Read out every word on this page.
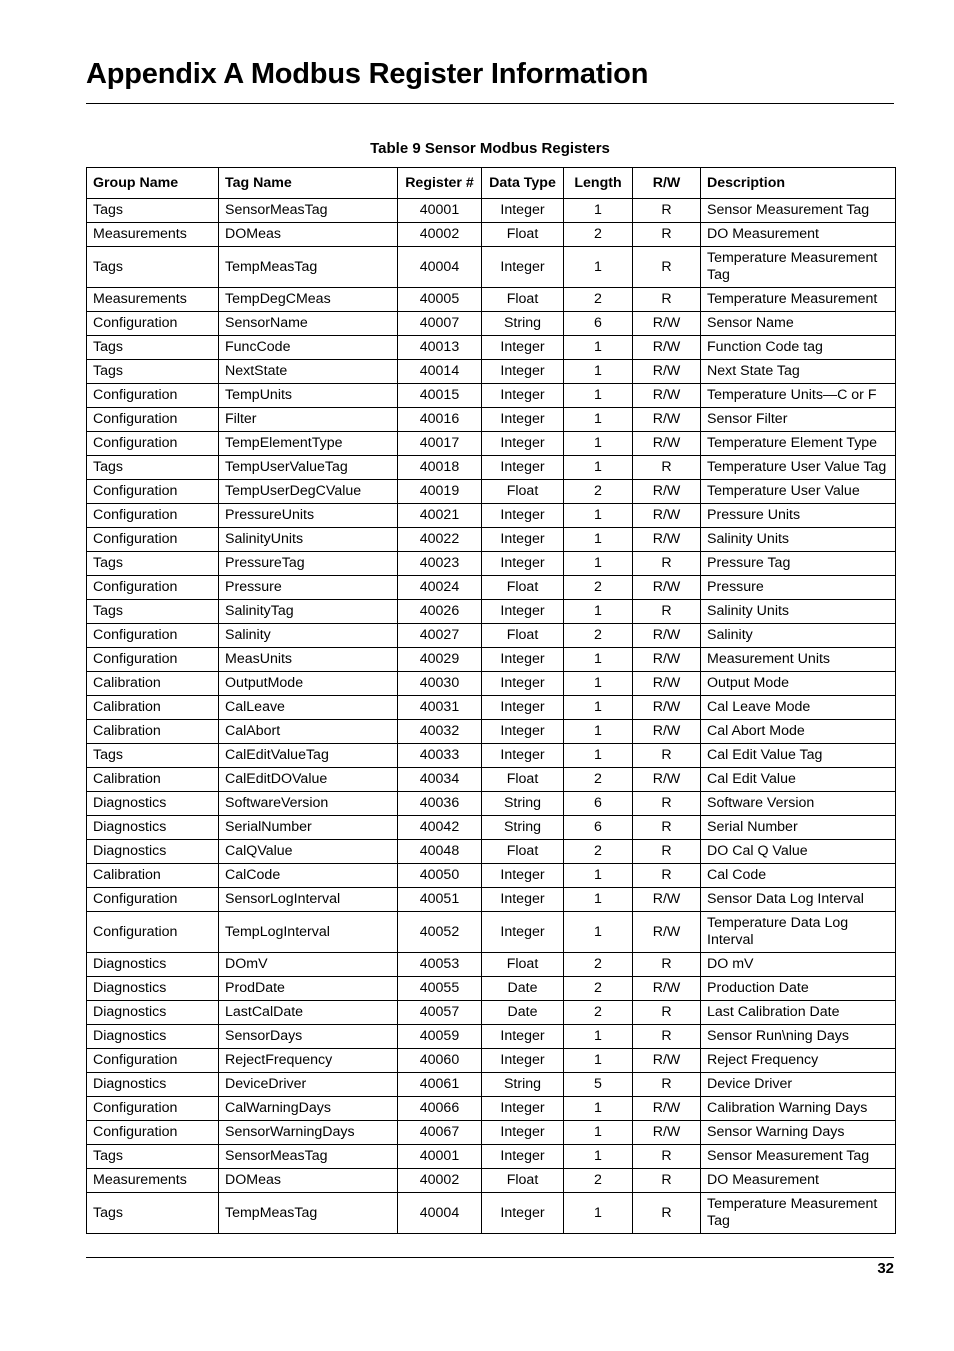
Appendix A Modbus Register Information
Table 9 Sensor Modbus Registers
Group Name	Tag Name	Register #	Data Type	Length	R/W	Description
Tags	SensorMeasTag	40001	Integer	1	R	Sensor Measurement Tag
Measurements	DOMeas	40002	Float	2	R	DO Measurement
Tags	TempMeasTag	40004	Integer	1	R	Temperature Measurement Tag
Measurements	TempDegCMeas	40005	Float	2	R	Temperature Measurement
Configuration	SensorName	40007	String	6	R/W	Sensor Name
Tags	FuncCode	40013	Integer	1	R/W	Function Code tag
Tags	NextState	40014	Integer	1	R/W	Next State Tag
Configuration	TempUnits	40015	Integer	1	R/W	Temperature Units—C or F
Configuration	Filter	40016	Integer	1	R/W	Sensor Filter
Configuration	TempElementType	40017	Integer	1	R/W	Temperature Element Type
Tags	TempUserValueTag	40018	Integer	1	R	Temperature User Value Tag
Configuration	TempUserDegCValue	40019	Float	2	R/W	Temperature User Value
Configuration	PressureUnits	40021	Integer	1	R/W	Pressure Units
Configuration	SalinityUnits	40022	Integer	1	R/W	Salinity Units
Tags	PressureTag	40023	Integer	1	R	Pressure Tag
Configuration	Pressure	40024	Float	2	R/W	Pressure
Tags	SalinityTag	40026	Integer	1	R	Salinity Units
Configuration	Salinity	40027	Float	2	R/W	Salinity
Configuration	MeasUnits	40029	Integer	1	R/W	Measurement Units
Calibration	OutputMode	40030	Integer	1	R/W	Output Mode
Calibration	CalLeave	40031	Integer	1	R/W	Cal Leave Mode
Calibration	CalAbort	40032	Integer	1	R/W	Cal Abort Mode
Tags	CalEditValueTag	40033	Integer	1	R	Cal Edit Value Tag
Calibration	CalEditDOValue	40034	Float	2	R/W	Cal Edit Value
Diagnostics	SoftwareVersion	40036	String	6	R	Software Version
Diagnostics	SerialNumber	40042	String	6	R	Serial Number
Diagnostics	CalQValue	40048	Float	2	R	DO Cal Q Value
Calibration	CalCode	40050	Integer	1	R	Cal Code
Configuration	SensorLogInterval	40051	Integer	1	R/W	Sensor Data Log Interval
Configuration	TempLogInterval	40052	Integer	1	R/W	Temperature Data Log Interval
Diagnostics	DOmV	40053	Float	2	R	DO mV
Diagnostics	ProdDate	40055	Date	2	R/W	Production Date
Diagnostics	LastCalDate	40057	Date	2	R	Last Calibration Date
Diagnostics	SensorDays	40059	Integer	1	R	Sensor Run\ning Days
Configuration	RejectFrequency	40060	Integer	1	R/W	Reject Frequency
Diagnostics	DeviceDriver	40061	String	5	R	Device Driver
Configuration	CalWarningDays	40066	Integer	1	R/W	Calibration Warning Days
Configuration	SensorWarningDays	40067	Integer	1	R/W	Sensor Warning Days
Tags	SensorMeasTag	40001	Integer	1	R	Sensor Measurement Tag
Measurements	DOMeas	40002	Float	2	R	DO Measurement
Tags	TempMeasTag	40004	Integer	1	R	Temperature Measurement Tag
32
